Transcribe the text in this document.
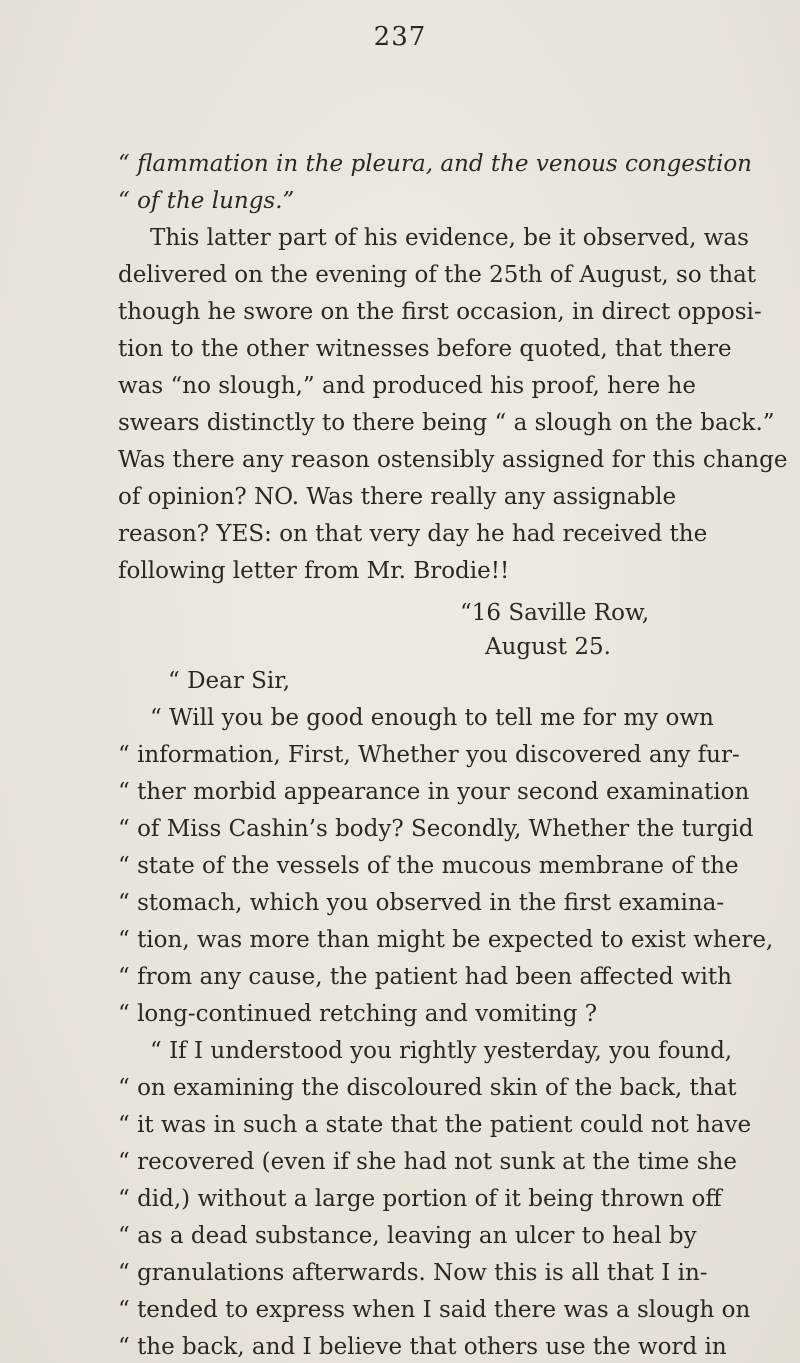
237
“ flammation in the pleura, and the venous congestion
“ of the lungs.”
This latter part of his evidence, be it observed, was
delivered on the evening of the 25th of August, so that
though he swore on the first occasion, in direct opposi-
tion to the other witnesses before quoted, that there
was “no slough,” and produced his proof, here he
swears distinctly to there being “ a slough on the back.”
Was there any reason ostensibly assigned for this change
of opinion? NO. Was there really any assignable
reason? YES: on that very day he had received the
following letter from Mr. Brodie!!
“16 Saville Row,
August 25.
“ Dear Sir,
“ Will you be good enough to tell me for my own
“ information, First, Whether you discovered any fur-
“ ther morbid appearance in your second examination
“ of Miss Cashin’s body? Secondly, Whether the turgid
“ state of the vessels of the mucous membrane of the
“ stomach, which you observed in the first examina-
“ tion, was more than might be expected to exist where,
“ from any cause, the patient had been affected with
“ long-continued retching and vomiting ?
“ If I understood you rightly yesterday, you found,
“ on examining the discoloured skin of the back, that
“ it was in such a state that the patient could not have
“ recovered (even if she had not sunk at the time she
“ did,) without a large portion of it being thrown off
“ as a dead substance, leaving an ulcer to heal by
“ granulations afterwards. Now this is all that I in-
“ tended to express when I said there was a slough on
“ the back, and I believe that others use the word in
